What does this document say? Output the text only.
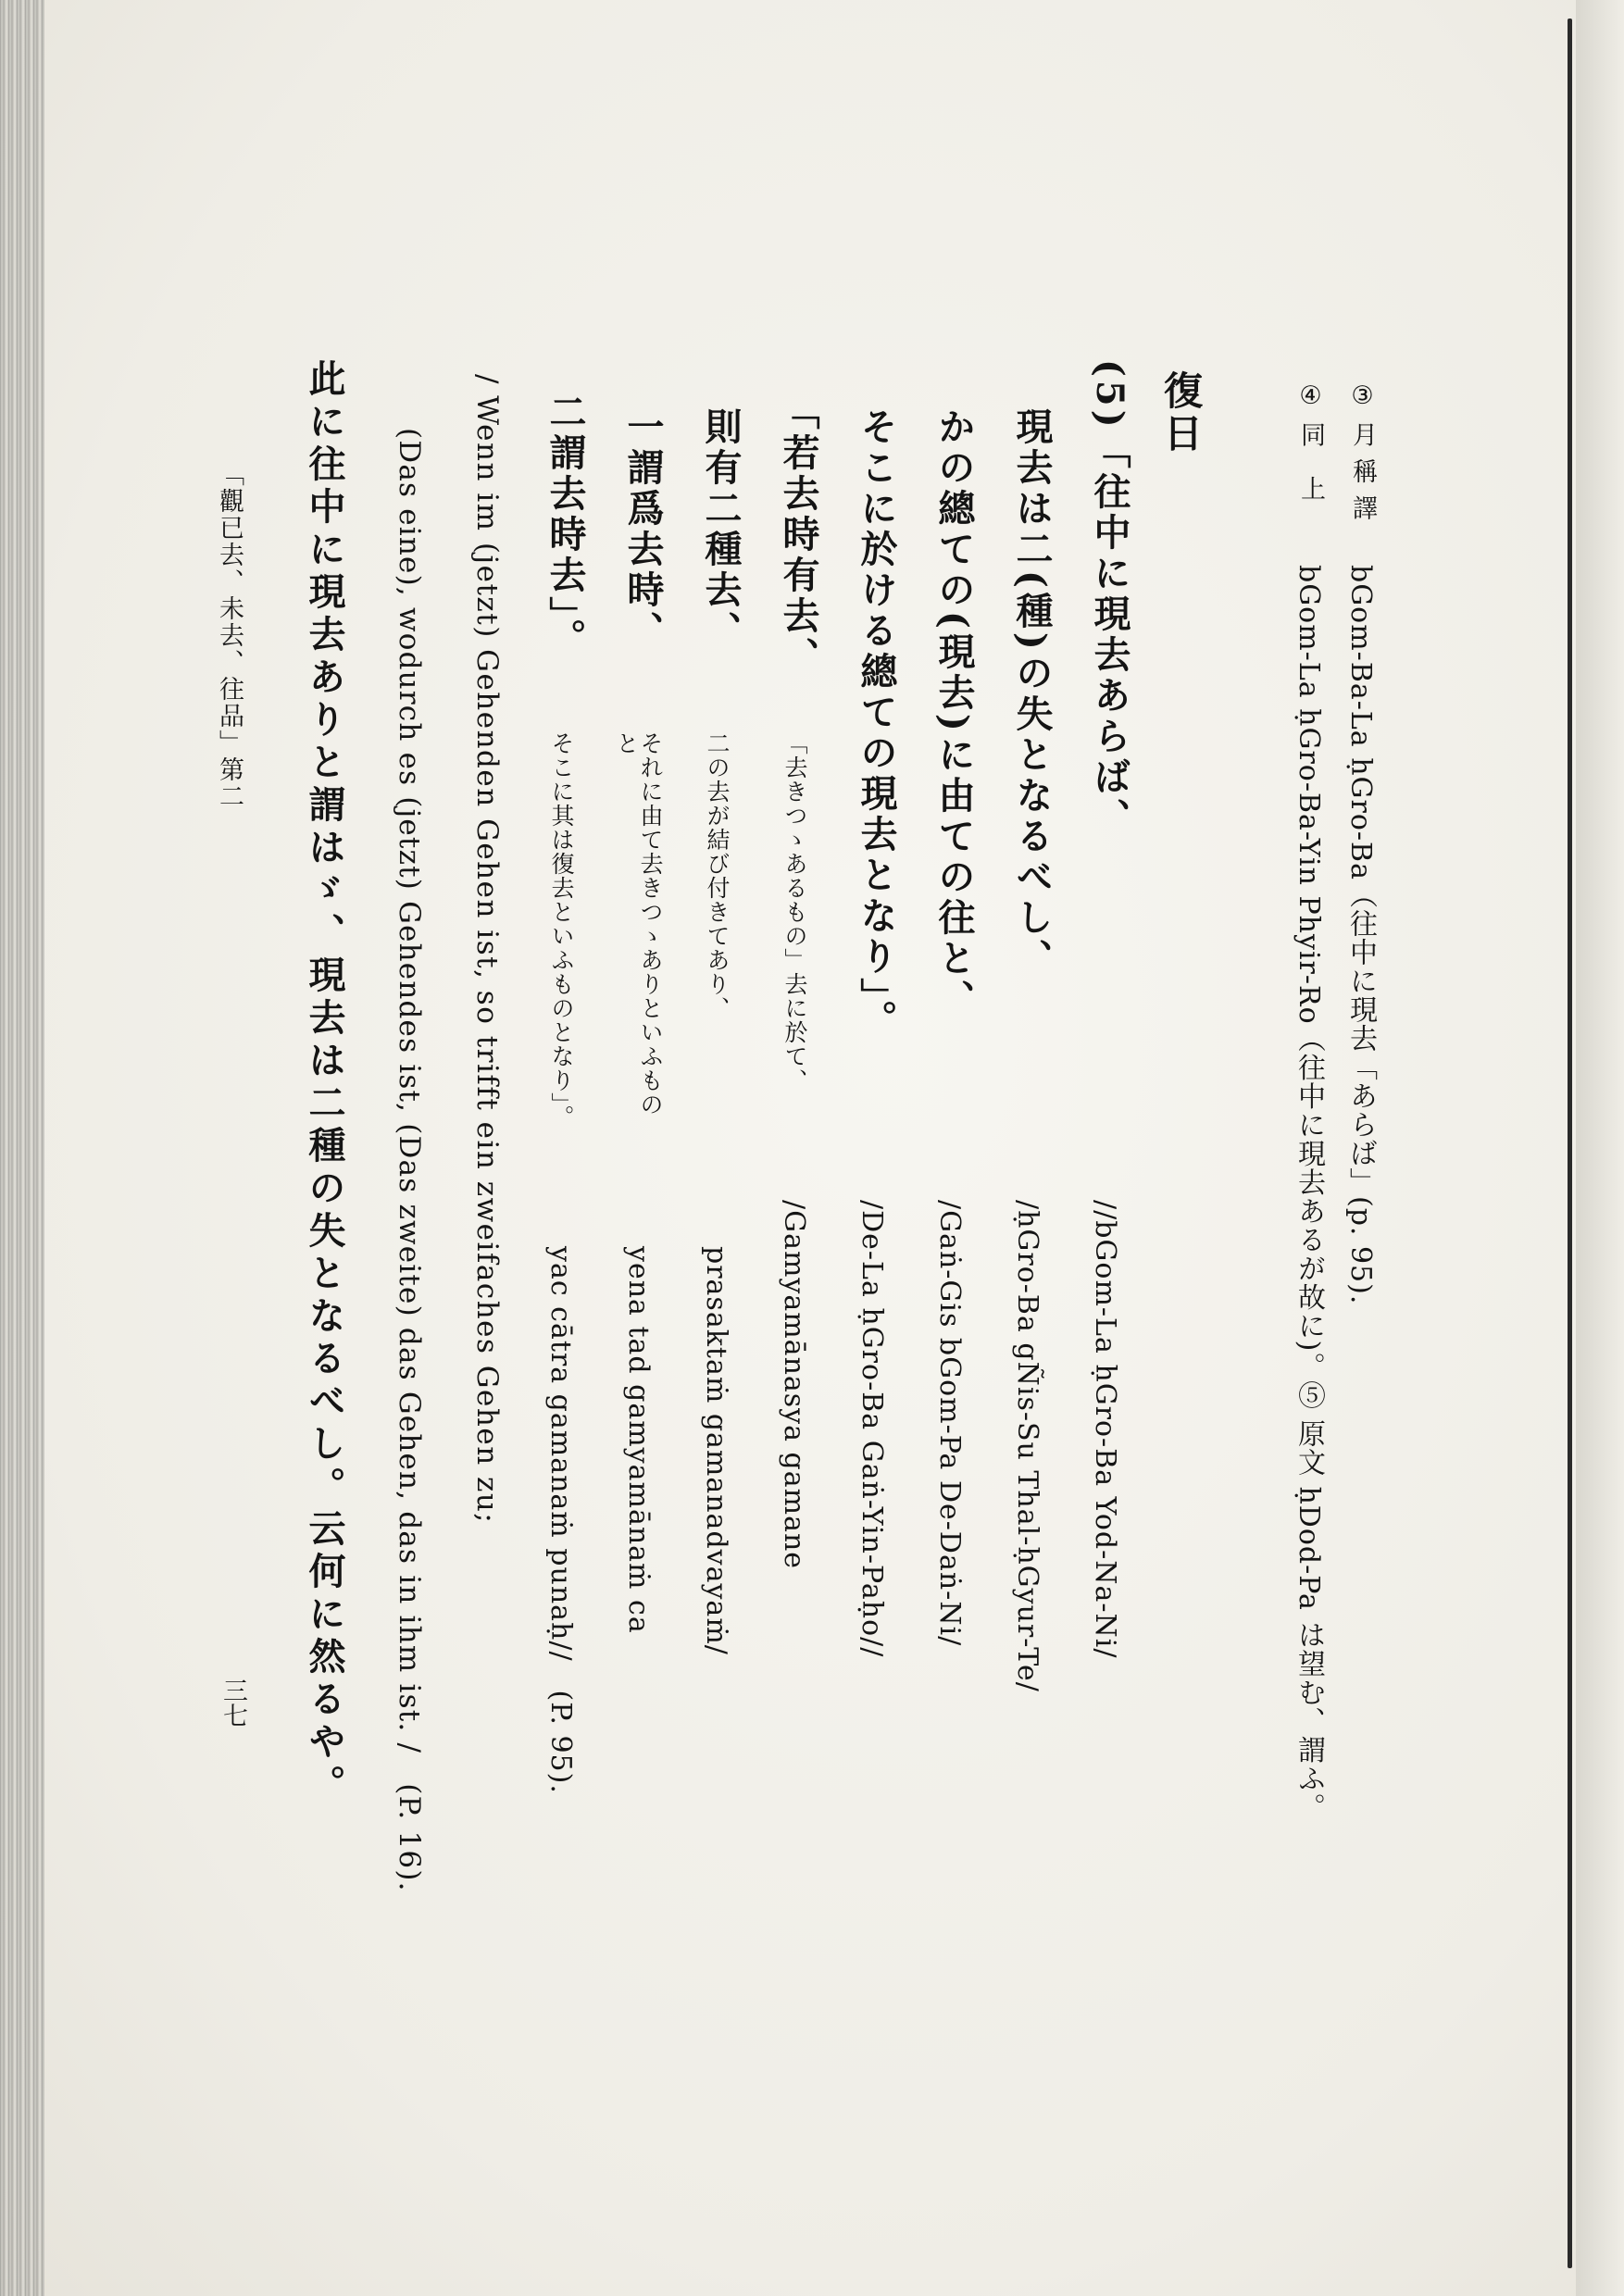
③ 月 稱 譯
bGom-Ba-La ḥGro-Ba（往中に現去「あらば」(p. 95).
④ 同　上
bGom-La ḥGro-Ba-Yin Phyir-Ro（往中に現去あるが故に)。⑤ 原文 ḥDod-Pa は望む、謂ふ。
復日
(5)「往中に現去あらば、
//bGom-La ḥGro-Ba Yod-Na-Ni/
現去は二(種)の失となるべし、
/ḥGro-Ba gÑis-Su Thal-ḥGyur-Te/
かの總ての(現去)に由ての往と、
/Gaṅ-Gis bGom-Pa De-Daṅ-Ni/
そこに於ける總ての現去となり」。
/De-La ḥGro-Ba Gaṅ-Yin-Paḥo//
「若去時有去、
「去きつゝあるもの」去に於て、
/Gamyamānasya gamane
則有二種去、
二の去が結び付きてあり、
prasaktaṁ gamanadvayaṁ/
一謂爲去時、
それに由て去きつゝありといふもの
と
yena tad gamyamānaṁ ca
二謂去時去」。
そこに其は復去といふものとなり」。
yac cātra gamanaṁ punaḥ//　(P. 95).
/ Wenn im (jetzt) Gehenden Gehen ist, so trifft ein zweifaches Gehen zu;
(Das eine), wodurch es (jetzt) Gehendes ist, (Das zweite) das Gehen, das in ihm ist. /　(P. 16).
此に往中に現去ありと謂はゞ、現去は二種の失となるべし。云何に然るや。
「觀已去、未去、往品」第二
三七
